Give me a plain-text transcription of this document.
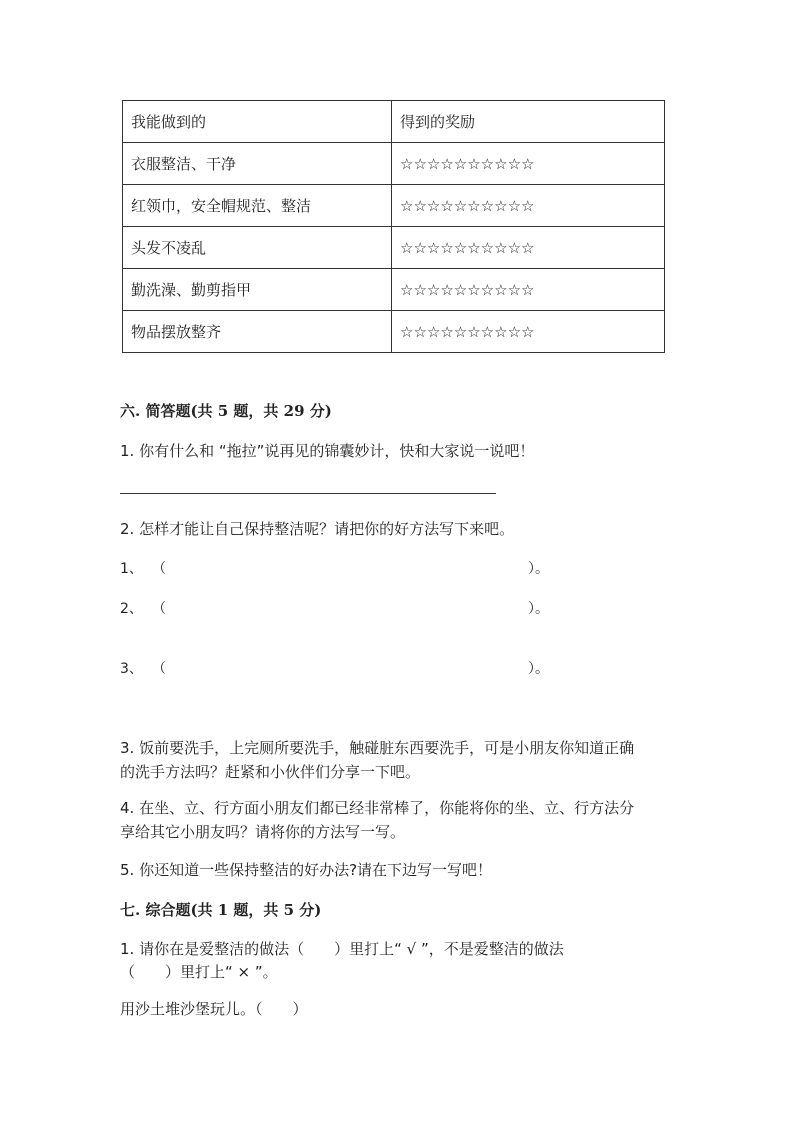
我能做到的	得到的奖励
衣服整洁、干净	☆☆☆☆☆☆☆☆☆☆
红领巾，安全帽规范、整洁	☆☆☆☆☆☆☆☆☆☆
头发不凌乱	☆☆☆☆☆☆☆☆☆☆
勤洗澡、勤剪指甲	☆☆☆☆☆☆☆☆☆☆
物品摆放整齐	☆☆☆☆☆☆☆☆☆☆
六. 简答题(共 5 题，共 29 分)
1. 你有什么和 “拖拉”说再见的锦囊妙计，快和大家说一说吧！
2. 怎样才能让自己保持整洁呢？请把你的好方法写下来吧。
1、 （	）。
2、 （	）。
3、 （	）。
3. 饭前要洗手，上完厕所要洗手，触碰脏东西要洗手，可是小朋友你知道正确
的洗手方法吗？赶紧和小伙伴们分享一下吧。
4. 在坐、立、行方面小朋友们都已经非常棒了，你能将你的坐、立、行方法分
享给其它小朋友吗？请将你的方法写一写。
5. 你还知道一些保持整洁的好办法?请在下边写一写吧！
七. 综合题(共 1 题，共 5 分)
1. 请你在是爱整洁的做法（　　）里打上“ √ ”，不是爱整洁的做法
（　　）里打上“ × ”。
用沙土堆沙堡玩儿。（　　）
